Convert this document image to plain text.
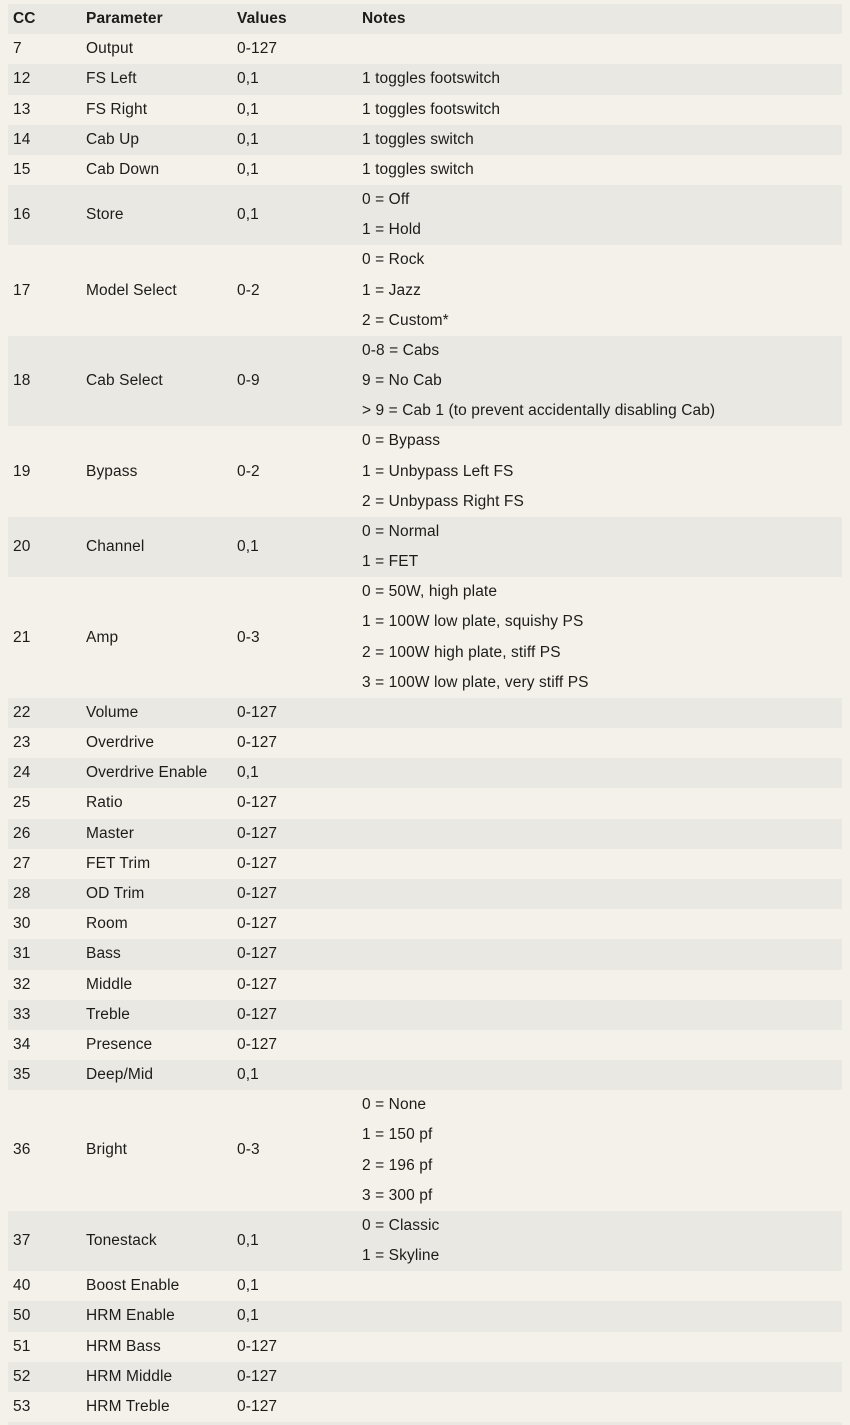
CC	Parameter	Values	Notes
7	Output	0-127	
12	FS Left	0,1	1 toggles footswitch

13	FS Right	0,1	1 toggles footswitch

14	Cab Up	0,1	1 toggles switch

15	Cab Down	0,1	1 toggles switch

16	Store	0,1	0 = Off
1 = Hold

17	Model Select	0-2	0 = Rock
1 = Jazz
2 = Custom*

18	Cab Select	0-9	0-8 = Cabs
9 = No Cab
> 9 = Cab 1 (to prevent accidentally disabling Cab)

19	Bypass	0-2	0 = Bypass
1 = Unbypass Left FS
2 = Unbypass Right FS

20	Channel	0,1	0 = Normal
1 = FET

21	Amp	0-3	0 = 50W, high plate
1 = 100W low plate, squishy PS
2 = 100W high plate, stiff PS
3 = 100W low plate, very stiff PS

22	Volume	0-127	
23	Overdrive	0-127	
24	Overdrive Enable	0,1	
25	Ratio	0-127	
26	Master	0-127	
27	FET Trim	0-127	
28	OD Trim	0-127	
30	Room	0-127	
31	Bass	0-127	
32	Middle	0-127	
33	Treble	0-127	
34	Presence	0-127	
35	Deep/Mid	0,1	
36	Bright	0-3	0 = None
1 = 150 pf
2 = 196 pf
3 = 300 pf

37	Tonestack	0,1	0 = Classic
1 = Skyline

40	Boost Enable	0,1	
50	HRM Enable	0,1	
51	HRM Bass	0-127	
52	HRM Middle	0-127	
53	HRM Treble	0-127	
